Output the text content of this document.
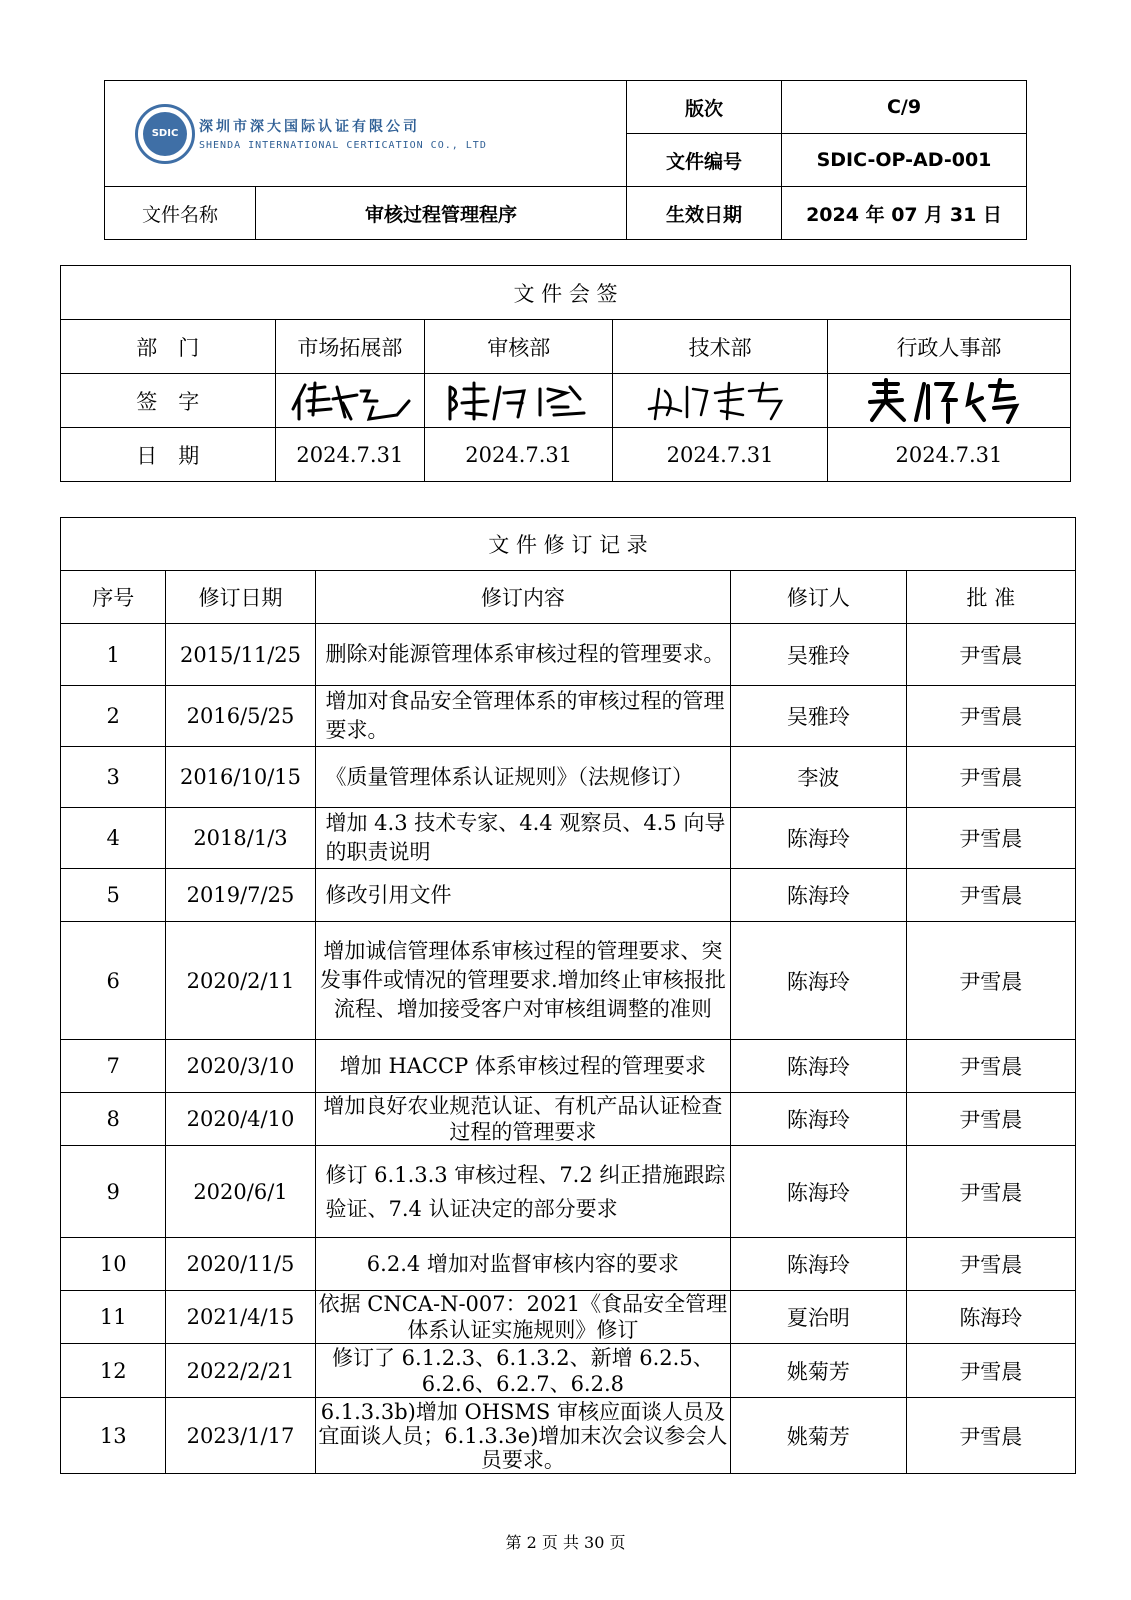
SDIC 深圳市深大国际认证有限公司
SHENDA INTERNATIONAL CERTICATION CO., LTD		版次	C/9
		文件编号	SDIC-OP-AD-001
文件名称	审核过程管理程序	生效日期	2024 年 07 月 31 日
文 件 会 签				
部　门	市场拓展部	审核部	技术部	行政人事部
签　字	

日　期	2024.7.31	2024.7.31	2024.7.31	2024.7.31
文 件 修 订 记 录				
序号	修订日期	修订内容	修订人	批 准
1	2015/11/25	删除对能源管理体系审核过程的管理要求。	吴雅玲	尹雪晨
2	2016/5/25	增加对食品安全管理体系的审核过程的管理要求。	吴雅玲	尹雪晨
3	2016/10/15	《质量管理体系认证规则》（法规修订）	李波	尹雪晨
4	2018/1/3	增加 4.3 技术专家、4.4 观察员、4.5 向导的职责说明	陈海玲	尹雪晨
5	2019/7/25	修改引用文件	陈海玲	尹雪晨
6	2020/2/11	增加诚信管理体系审核过程的管理要求、突发事件或情况的管理要求.增加终止审核报批流程、增加接受客户对审核组调整的准则	陈海玲	尹雪晨
7	2020/3/10	增加 HACCP 体系审核过程的管理要求	陈海玲	尹雪晨
8	2020/4/10	增加良好农业规范认证、有机产品认证检查过程的管理要求	陈海玲	尹雪晨
9	2020/6/1	修订 6.1.3.3 审核过程、7.2 纠正措施跟踪验证、7.4 认证决定的部分要求	陈海玲	尹雪晨
10	2020/11/5	6.2.4 增加对监督审核内容的要求	陈海玲	尹雪晨
11	2021/4/15	依据 CNCA-N-007：2021《食品安全管理体系认证实施规则》修订	夏治明	陈海玲
12	2022/2/21	修订了 6.1.2.3、6.1.3.2、新增 6.2.5、6.2.6、6.2.7、6.2.8	姚菊芳	尹雪晨
13	2023/1/17	6.1.3.3b)增加 OHSMS 审核应面谈人员及宜面谈人员；6.1.3.3e)增加末次会议参会人员要求。	姚菊芳	尹雪晨
第 2 页 共 30 页
